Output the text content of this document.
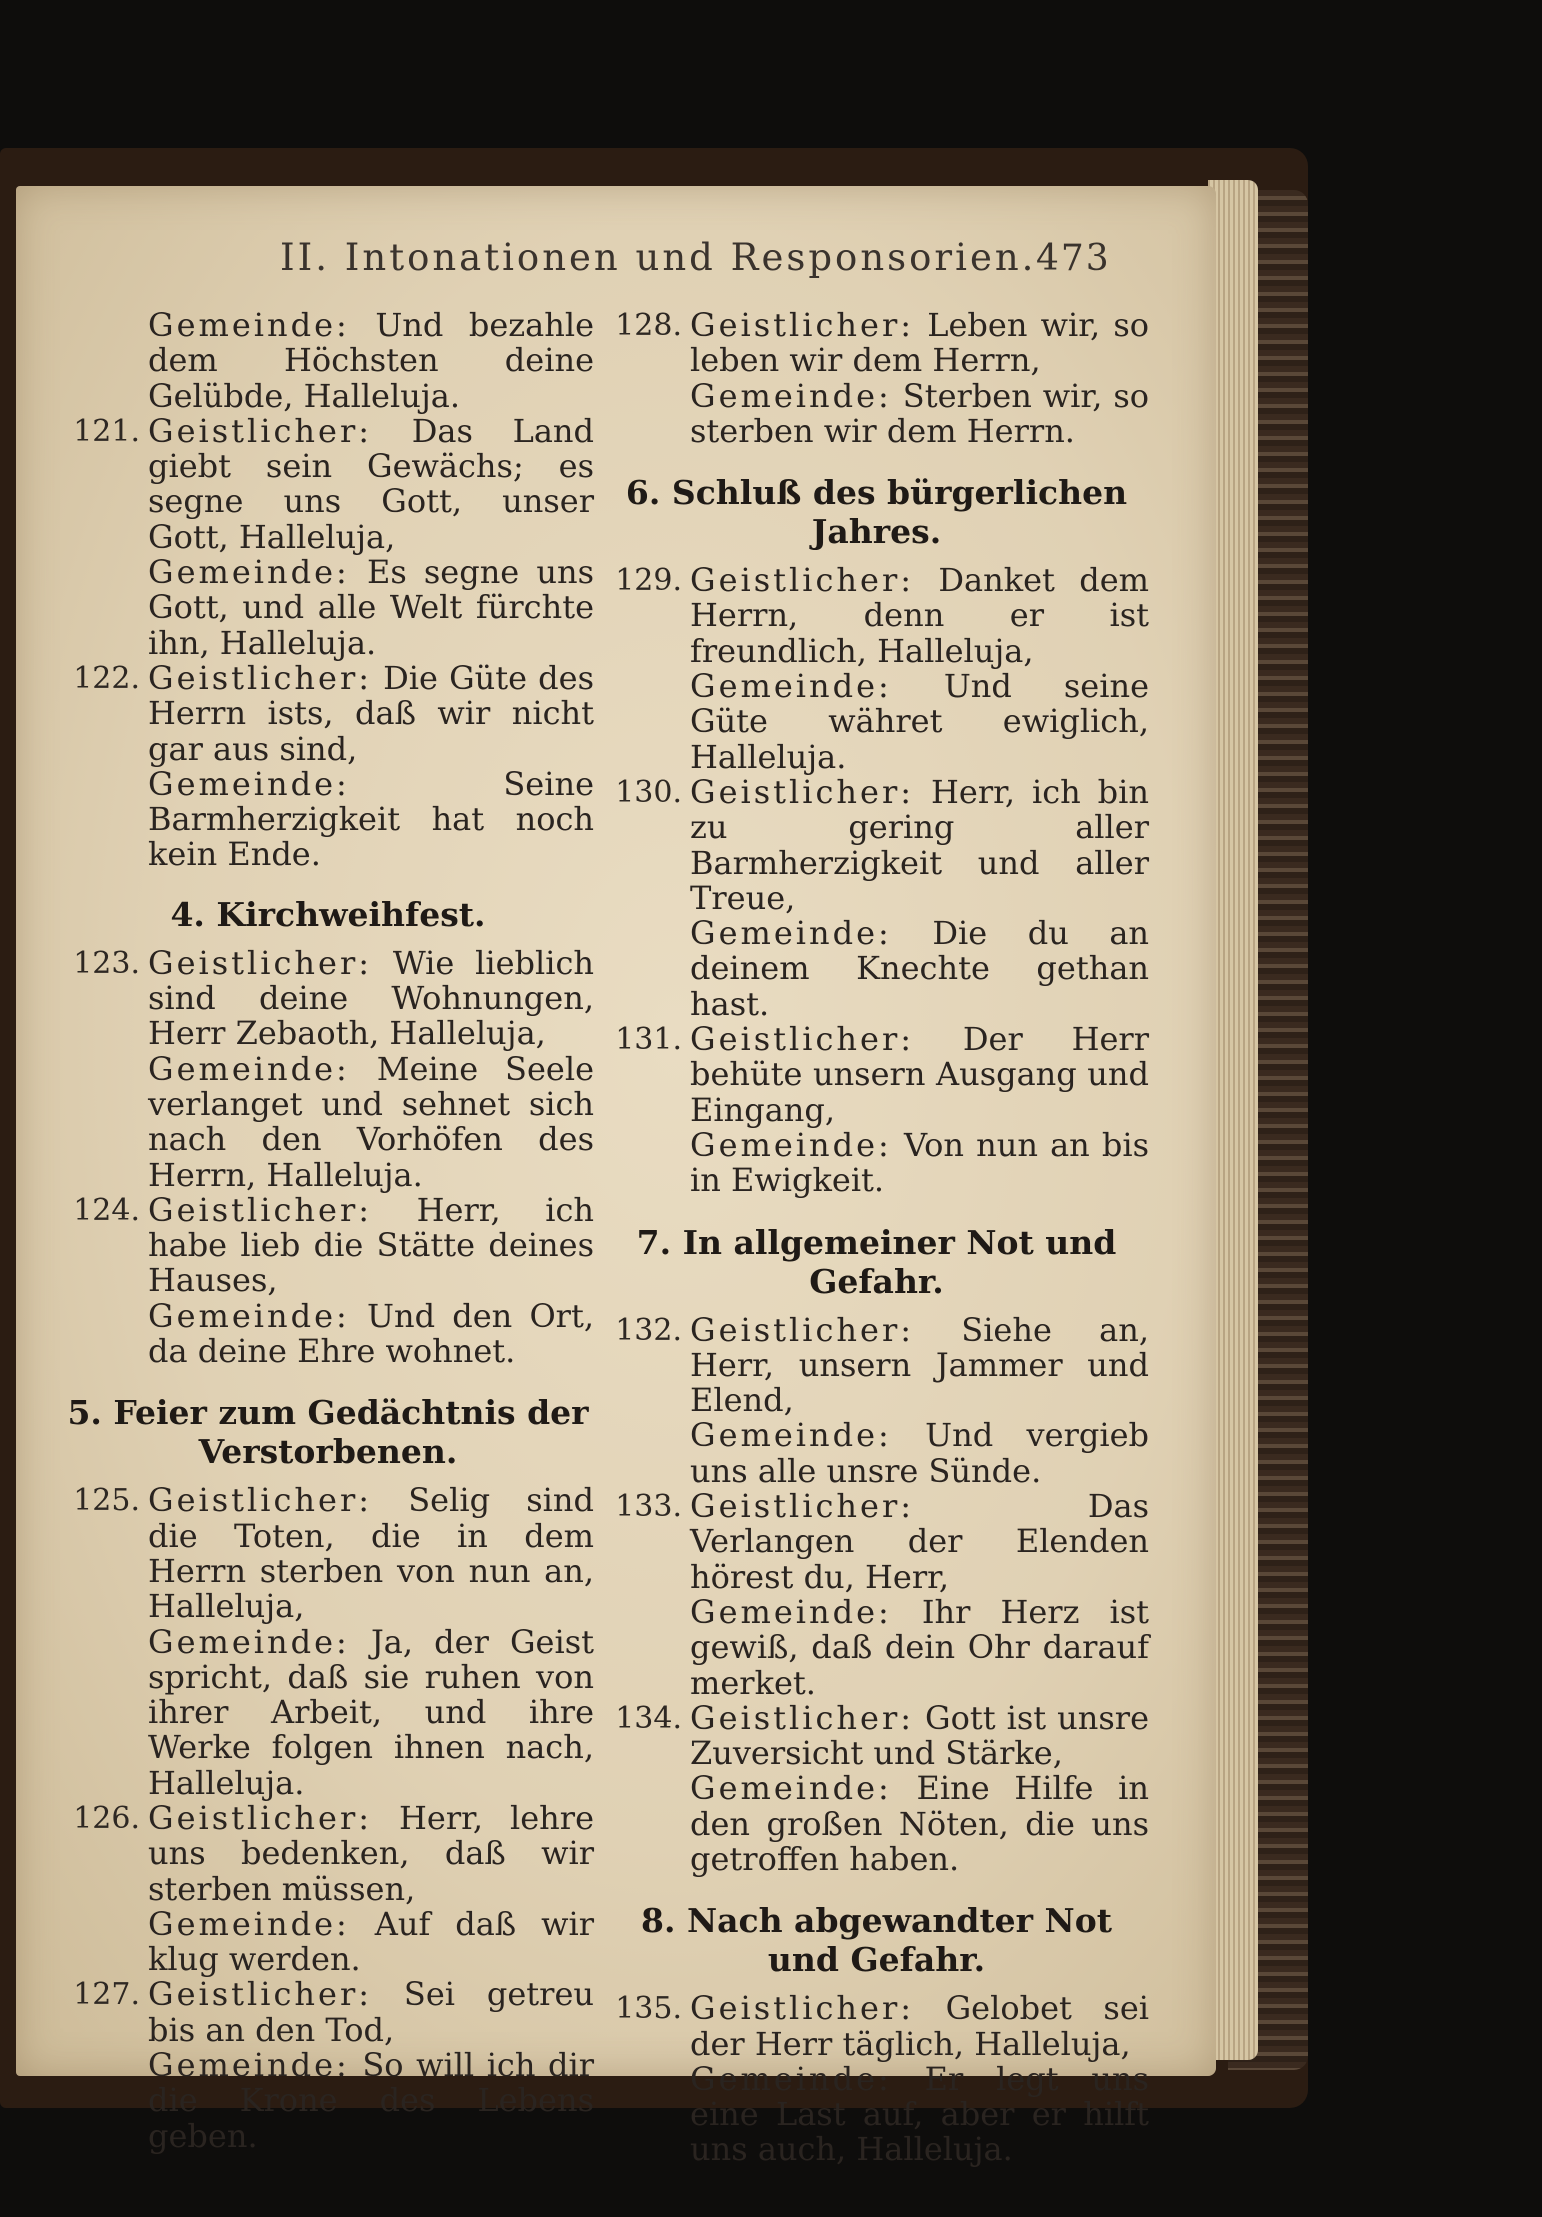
II. Intonationen und Responsorien. 473
Gemeinde: Und bezahle dem Höchsten deine Gelübde, Halleluja.
121. Geistlicher: Das Land giebt sein Gewächs; es segne uns Gott, unser Gott, Halleluja,

Gemeinde: Es segne uns Gott, und alle Welt fürchte ihn, Halleluja.

122. Geistlicher: Die Güte des Herrn ists, daß wir nicht gar aus sind,

Gemeinde:	Seine Barmherzigkeit hat noch kein Ende.

4. Kirchweihfest.
123. Geistlicher: Wie lieblich sind deine Wohnungen, Herr Zebaoth, Halleluja,

Gemeinde: Meine Seele verlanget und sehnet sich nach den Vorhöfen des Herrn, Halleluja.

124. Geistlicher: Herr, ich habe lieb die Stätte deines Hauses,

Gemeinde: Und den Ort, da deine Ehre wohnet.

5. Feier zum Gedächtnis der Verstorbenen.
125. Geistlicher: Selig sind die Toten, die in dem Herrn sterben von nun an, Halleluja,

Gemeinde: Ja, der Geist spricht, daß sie ruhen von ihrer Arbeit, und ihre Werke folgen ihnen nach, Halleluja.

126. Geistlicher: Herr, lehre uns bedenken, daß wir sterben müssen,

Gemeinde: Auf daß wir klug werden.

127. Geistlicher: Sei getreu bis an den Tod,

Gemeinde: So will ich dir die Krone des Lebens geben.

128. Geistlicher: Leben wir, so leben wir dem Herrn,

Gemeinde: Sterben wir, so sterben wir dem Herrn.

6. Schluß des bürgerlichen Jahres.
129. Geistlicher: Danket dem Herrn, denn er ist freundlich, Halleluja,

Gemeinde: Und seine Güte währet ewiglich, Halleluja.

130. Geistlicher: Herr, ich bin zu gering aller Barmherzigkeit und aller Treue,

Gemeinde: Die du an deinem Knechte gethan hast.

131. Geistlicher: Der Herr behüte unsern Ausgang und Eingang,

Gemeinde: Von nun an bis in Ewigkeit.

7. In allgemeiner Not und Gefahr.
132. Geistlicher: Siehe an, Herr, unsern Jammer und Elend,

Gemeinde: Und vergieb uns alle unsre Sünde.

133. Geistlicher:	Das Verlangen der Elenden hörest du, Herr,

Gemeinde: Ihr Herz ist gewiß, daß dein Ohr darauf merket.

134. Geistlicher: Gott ist unsre Zuversicht und Stärke,

Gemeinde: Eine Hilfe in den großen Nöten, die uns getroffen haben.

8. Nach abgewandter Not und Gefahr.
135. Geistlicher: Gelobet sei der Herr täglich, Halleluja,

Gemeinde: Er legt uns eine Last auf, aber er hilft uns auch, Halleluja.
